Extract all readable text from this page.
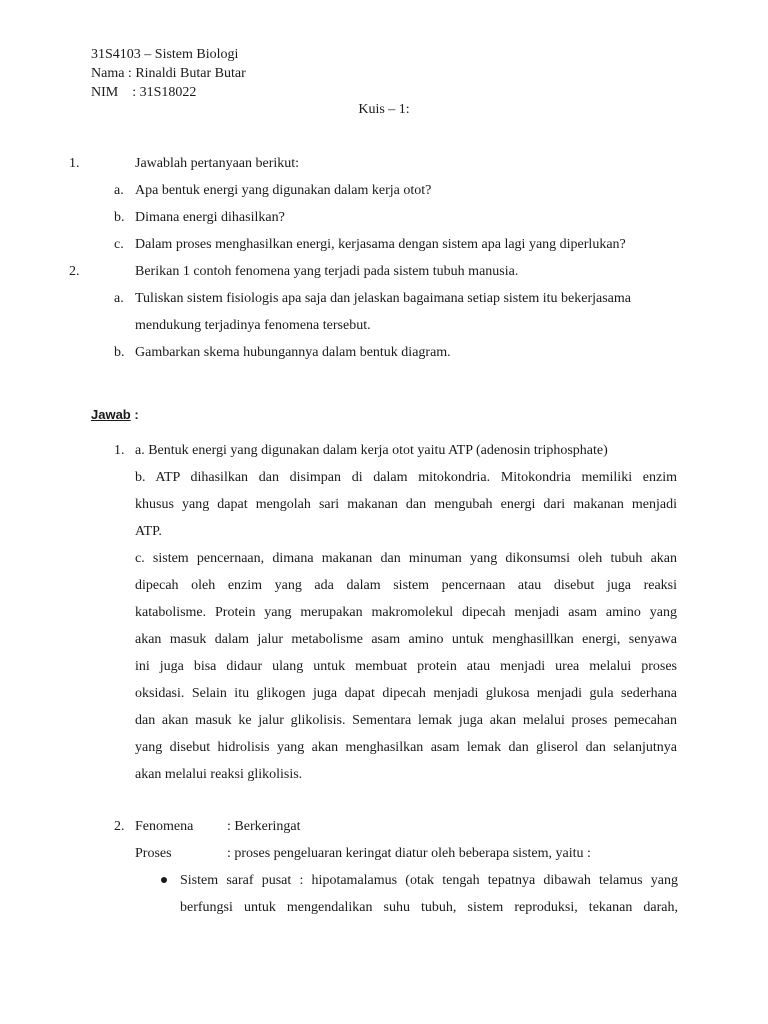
31S4103 – Sistem Biologi
Nama : Rinaldi Butar Butar
NIM : 31S18022
Kuis – 1:
1.	Jawablah pertanyaan berikut:
a. Apa bentuk energi yang digunakan dalam kerja otot?
b. Dimana energi dihasilkan?
c. Dalam proses menghasilkan energi, kerjasama dengan sistem apa lagi yang diperlukan?
2.	Berikan 1 contoh fenomena yang terjadi pada sistem tubuh manusia.
a. Tuliskan sistem fisiologis apa saja dan jelaskan bagaimana setiap sistem itu bekerjasama
mendukung terjadinya fenomena tersebut.
b. Gambarkan skema hubungannya dalam bentuk diagram.
Jawab :
1. a. Bentuk energi yang digunakan dalam kerja otot yaitu ATP (adenosin triphosphate)
b. ATP dihasilkan dan disimpan di dalam mitokondria. Mitokondria memiliki enzim
khusus yang dapat mengolah sari makanan dan mengubah energi dari makanan menjadi
ATP.
c. sistem pencernaan, dimana makanan dan minuman yang dikonsumsi oleh tubuh akan
dipecah oleh enzim yang ada dalam sistem pencernaan atau disebut juga reaksi
katabolisme. Protein yang merupakan makromolekul dipecah menjadi asam amino yang
akan masuk dalam jalur metabolisme asam amino untuk menghasillkan energi, senyawa
ini juga bisa didaur ulang untuk membuat protein atau menjadi urea melalui proses
oksidasi. Selain itu glikogen juga dapat dipecah menjadi glukosa menjadi gula sederhana
dan akan masuk ke jalur glikolisis. Sementara lemak juga akan melalui proses pemecahan
yang disebut hidrolisis yang akan menghasilkan asam lemak dan gliserol dan selanjutnya
akan melalui reaksi glikolisis.
2. Fenomena : Berkeringat
Proses	: proses pengeluaran keringat diatur oleh beberapa sistem, yaitu :
Sistem saraf pusat : hipotamalamus (otak tengah tepatnya dibawah telamus yang
berfungsi untuk mengendalikan suhu tubuh, sistem reproduksi, tekanan darah,
